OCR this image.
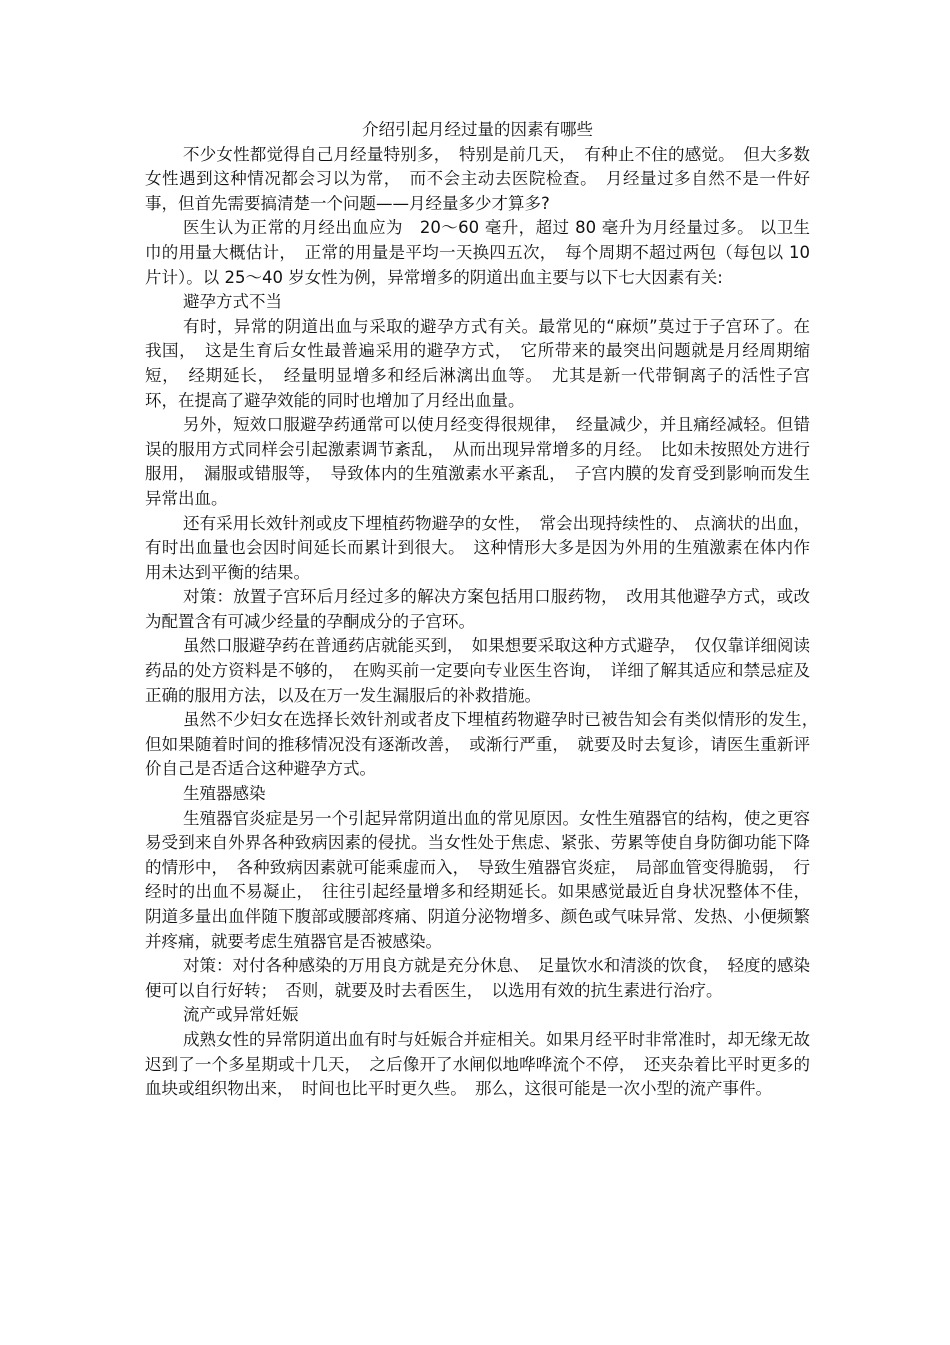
介绍引起月经过量的因素有哪些

不少女性都觉得自己月经量特别多，　特别是前几天，　有种止不住的感觉。　但大多数女性遇到这种情况都会习以为常，　而不会主动去医院检查。　月经量过多自然不是一件好事，但首先需要搞清楚一个问题——月经量多少才算多?

医生认为正常的月经出血应为　20～60 毫升，超过 80 毫升为月经量过多。 以卫生巾的用量大概估计，　正常的用量是平均一天换四五次，　每个周期不超过两包（每包以 10 片计）。以 25～40 岁女性为例，异常增多的阴道出血主要与以下七大因素有关:

避孕方式不当

有时，异常的阴道出血与采取的避孕方式有关。最常见的“麻烦”莫过于子宫环了。在我国，　这是生育后女性最普遍采用的避孕方式，　它所带来的最突出问题就是月经周期缩短，　经期延长，　经量明显增多和经后淋漓出血等。　尤其是新一代带铜离子的活性子宫环，在提高了避孕效能的同时也增加了月经出血量。

另外，短效口服避孕药通常可以使月经变得很规律，　经量减少，并且痛经减轻。但错误的服用方式同样会引起激素调节紊乱，　从而出现异常增多的月经。　比如未按照处方进行服用，　漏服或错服等，　导致体内的生殖激素水平紊乱，　子宫内膜的发育受到影响而发生异常出血。

还有采用长效针剂或皮下埋植药物避孕的女性，　常会出现持续性的、 点滴状的出血，有时出血量也会因时间延长而累计到很大。　这种情形大多是因为外用的生殖激素在体内作用未达到平衡的结果。

对策：放置子宫环后月经过多的解决方案包括用口服药物，　改用其他避孕方式，或改为配置含有可减少经量的孕酮成分的子宫环。

虽然口服避孕药在普通药店就能买到，　如果想要采取这种方式避孕，　仅仅靠详细阅读药品的处方资料是不够的，　在购买前一定要向专业医生咨询，　详细了解其适应和禁忌症及正确的服用方法，以及在万一发生漏服后的补救措施。

虽然不少妇女在选择长效针剂或者皮下埋植药物避孕时已被告知会有类似情形的发生，　但如果随着时间的推移情况没有逐渐改善，　或渐行严重，　就要及时去复诊，请医生重新评价自己是否适合这种避孕方式。

生殖器感染

生殖器官炎症是另一个引起异常阴道出血的常见原因。女性生殖器官的结构，使之更容易受到来自外界各种致病因素的侵扰。当女性处于焦虑、紧张、劳累等使自身防御功能下降的情形中，　各种致病因素就可能乘虚而入，　导致生殖器官炎症，　局部血管变得脆弱，　行经时的出血不易凝止，　往往引起经量增多和经期延长。如果感觉最近自身状况整体不佳，阴道多量出血伴随下腹部或腰部疼痛、阴道分泌物增多、颜色或气味异常、发热、小便频繁并疼痛，就要考虑生殖器官是否被感染。

对策：对付各种感染的万用良方就是充分休息、　足量饮水和清淡的饮食，　轻度的感染便可以自行好转；　否则，就要及时去看医生，　以选用有效的抗生素进行治疗。

流产或异常妊娠

成熟女性的异常阴道出血有时与妊娠合并症相关。如果月经平时非常准时，却无缘无故迟到了一个多星期或十几天，　之后像开了水闸似地哗哗流个不停，　还夹杂着比平时更多的血块或组织物出来，　时间也比平时更久些。　那么，这很可能是一次小型的流产事件。
